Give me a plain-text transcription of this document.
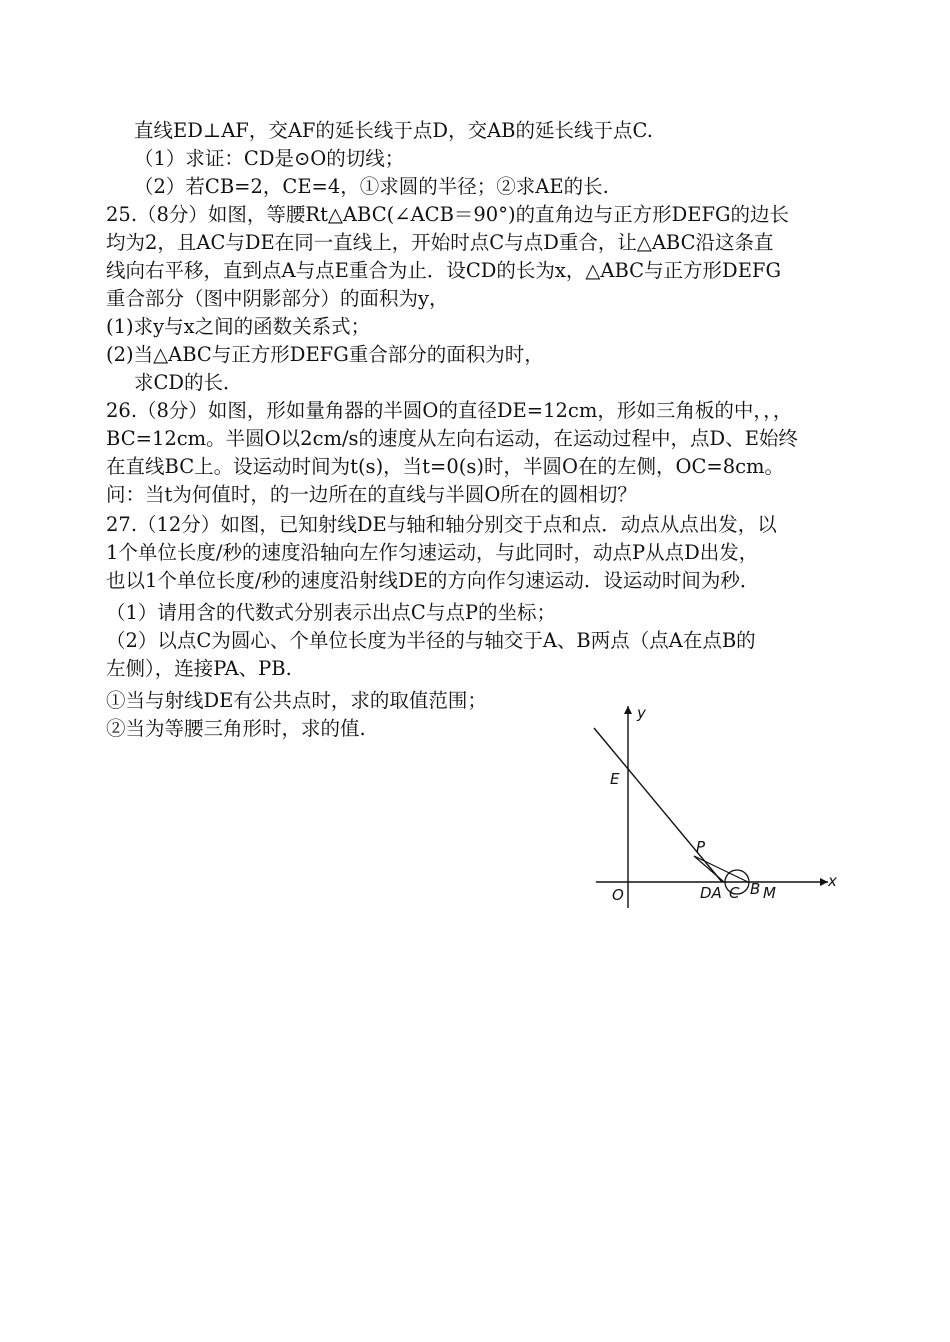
直线ED⊥AF，交AF的延长线于点D，交AB的延长线于点C.
（1）求证：CD是⊙O的切线；
（2）若CB=2，CE=4，①求圆的半径；②求AE的长.
25.（8分）如图，等腰Rt△ABC(∠ACB＝90°)的直角边与正方形DEFG的边长
均为2，且AC与DE在同一直线上，开始时点C与点D重合，让△ABC沿这条直
线向右平移，直到点A与点E重合为止．设CD的长为x，△ABC与正方形DEFG
重合部分（图中阴影部分）的面积为y，
(1)求y与x之间的函数关系式；
(2)当△ABC与正方形DEFG重合部分的面积为时，
求CD的长．
26.（8分）如图，形如量角器的半圆O的直径DE=12cm，形如三角板的中，，，
BC=12cm。半圆O以2cm/s的速度从左向右运动，在运动过程中，点D、E始终
在直线BC上。设运动时间为t(s)，当t=0(s)时，半圆O在的左侧，OC=8cm。
问：当t为何值时，的一边所在的直线与半圆O所在的圆相切？
27.（12分）如图，已知射线DE与轴和轴分别交于点和点．动点从点出发，以
1个单位长度/秒的速度沿轴向左作匀速运动，与此同时，动点P从点D出发，
也以1个单位长度/秒的速度沿射线DE的方向作匀速运动．设运动时间为秒．
（1）请用含的代数式分别表示出点C与点P的坐标；
（2）以点C为圆心、个单位长度为半径的与轴交于A、B两点（点A在点B的
左侧），连接PA、PB.
①当与射线DE有公共点时，求的取值范围；
②当为等腰三角形时，求的值.
y
x
E
P
O	DA C B M
